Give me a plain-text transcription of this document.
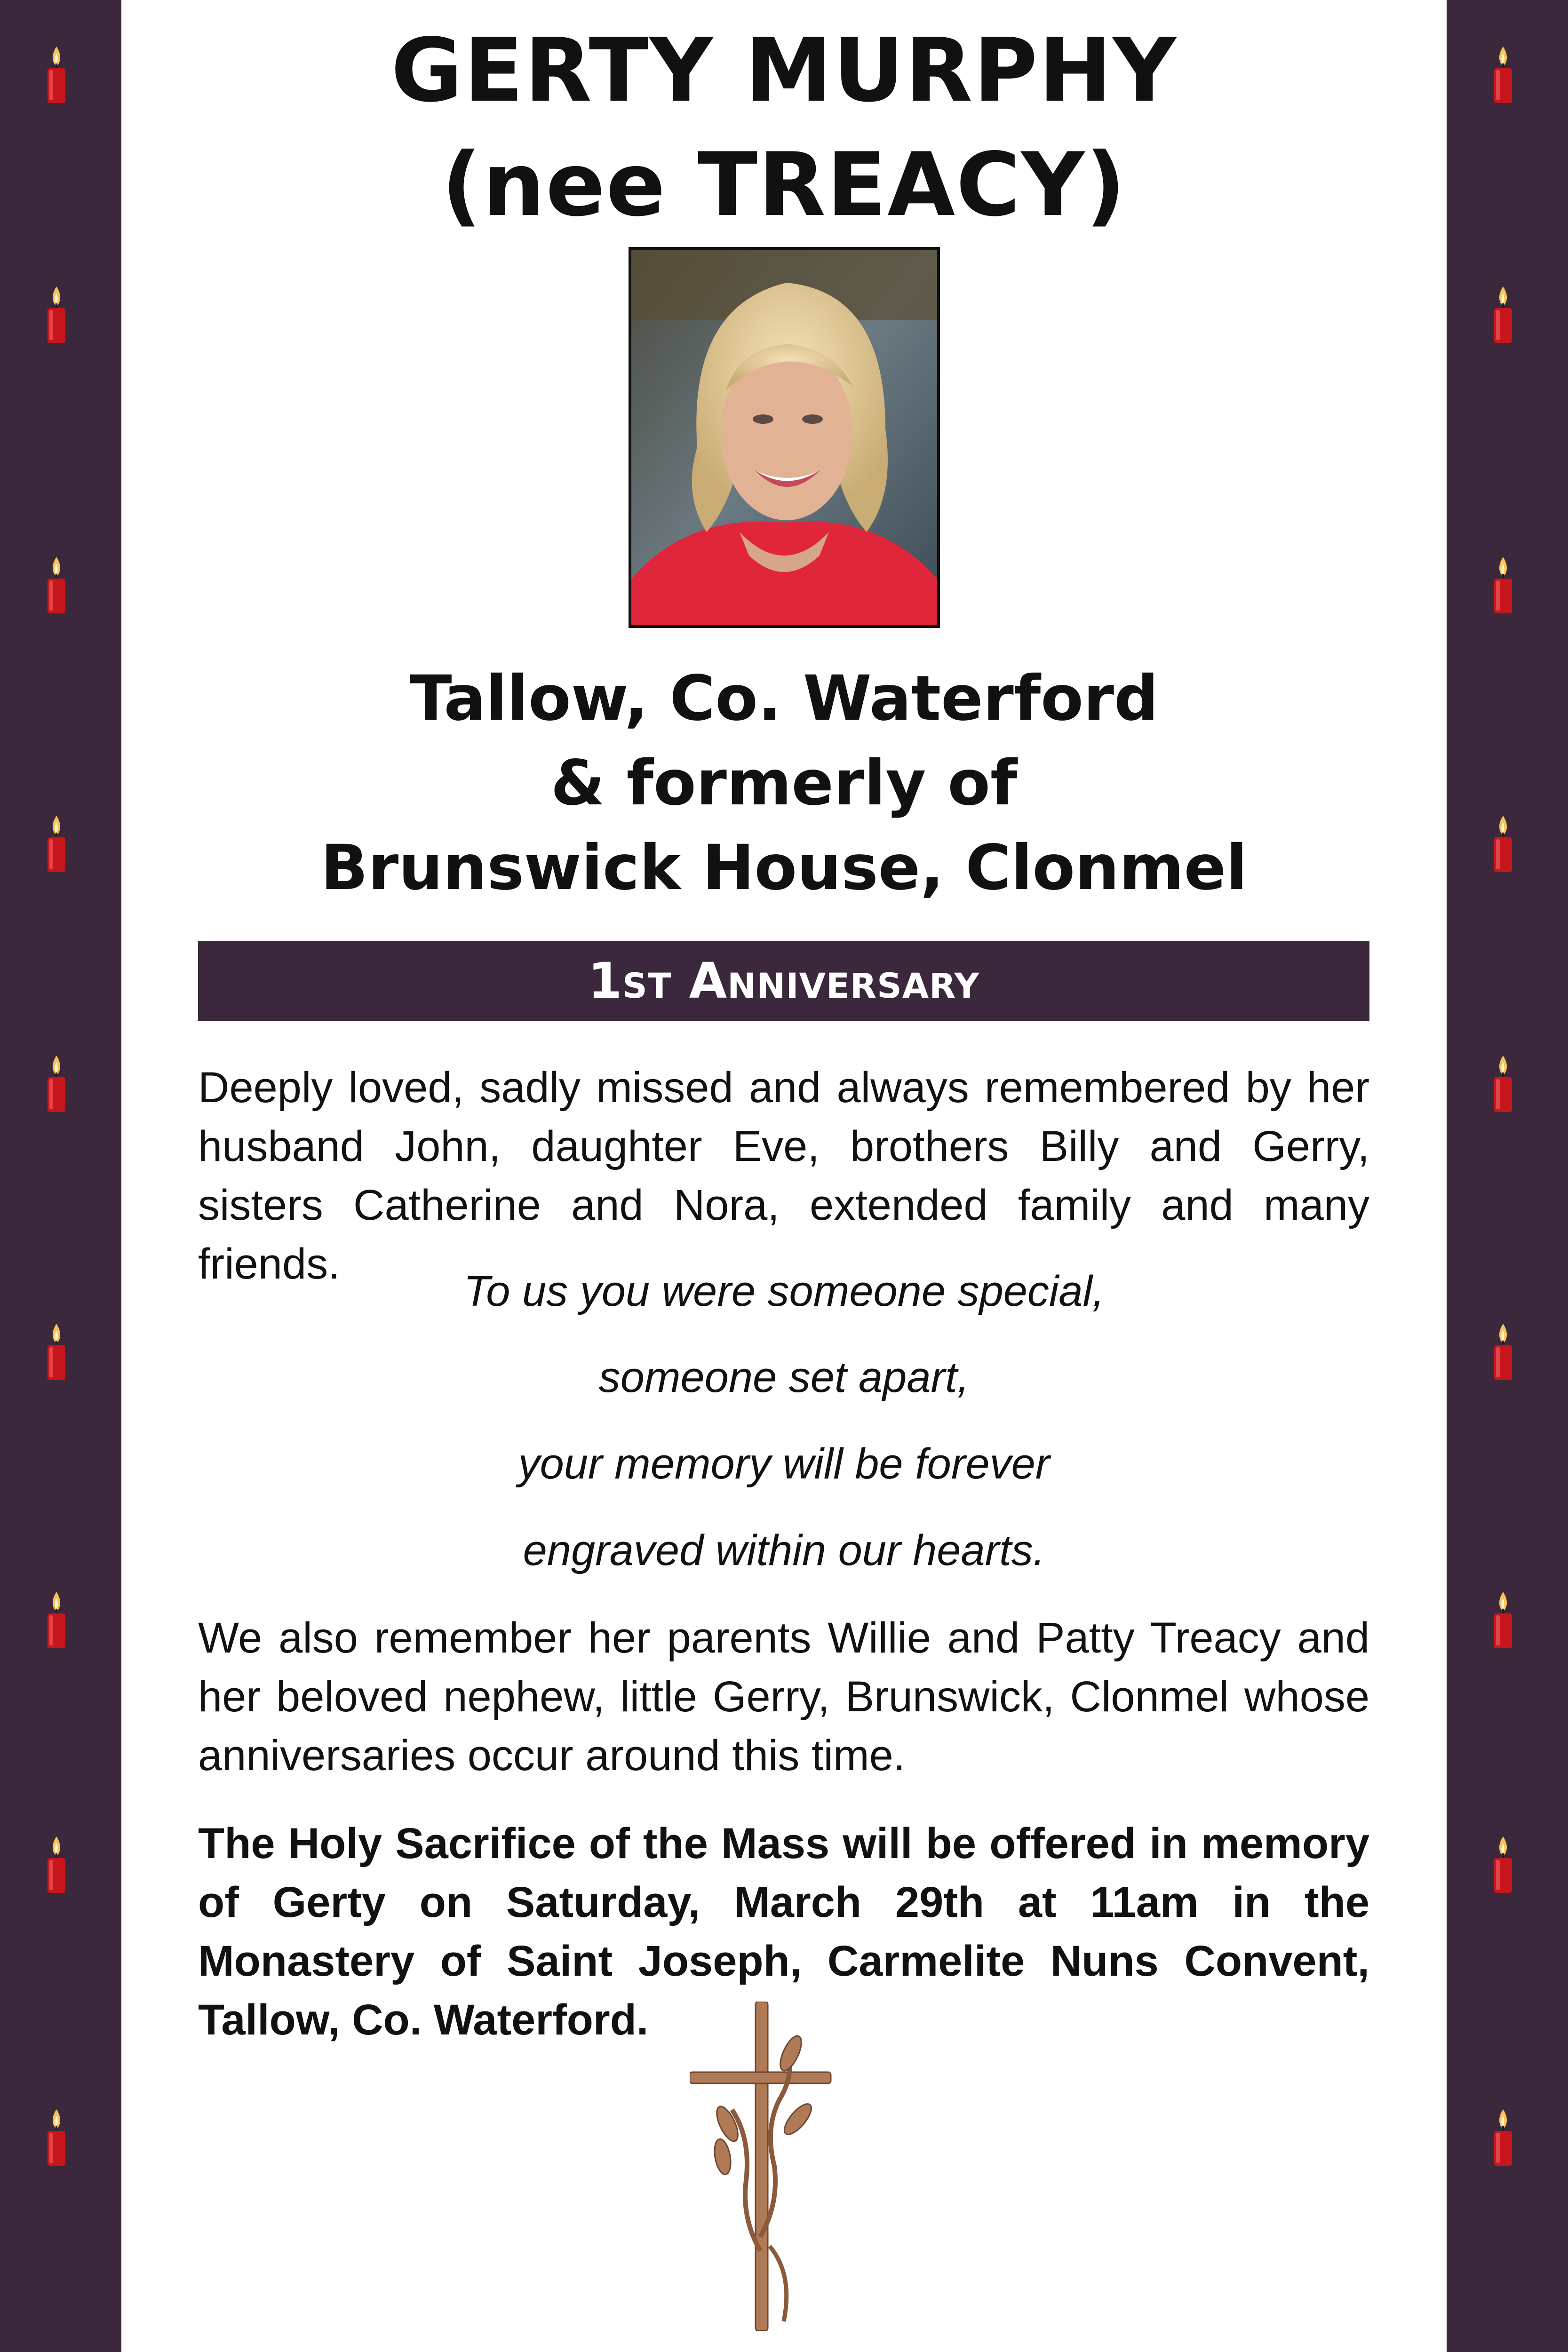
GERTY MURPHY
(nee TREACY)
Tallow, Co. Waterford
& formerly of
Brunswick House, Clonmel
1st Anniversary
Deeply loved, sadly missed and always remembered by her husband John, daughter Eve, brothers Billy and Gerry, sisters Catherine and Nora, extended family and many friends.
To us you were someone special,
someone set apart,
your memory will be forever
engraved within our hearts.
We also remember her parents Willie and Patty Treacy and her beloved nephew, little Gerry, Brunswick, Clonmel whose anniversaries occur around this time.
The Holy Sacrifice of the Mass will be offered in memory of Gerty on Saturday, March 29th at 11am in the Monastery of Saint Joseph, Carmelite Nuns Convent, Tallow, Co. Waterford.
